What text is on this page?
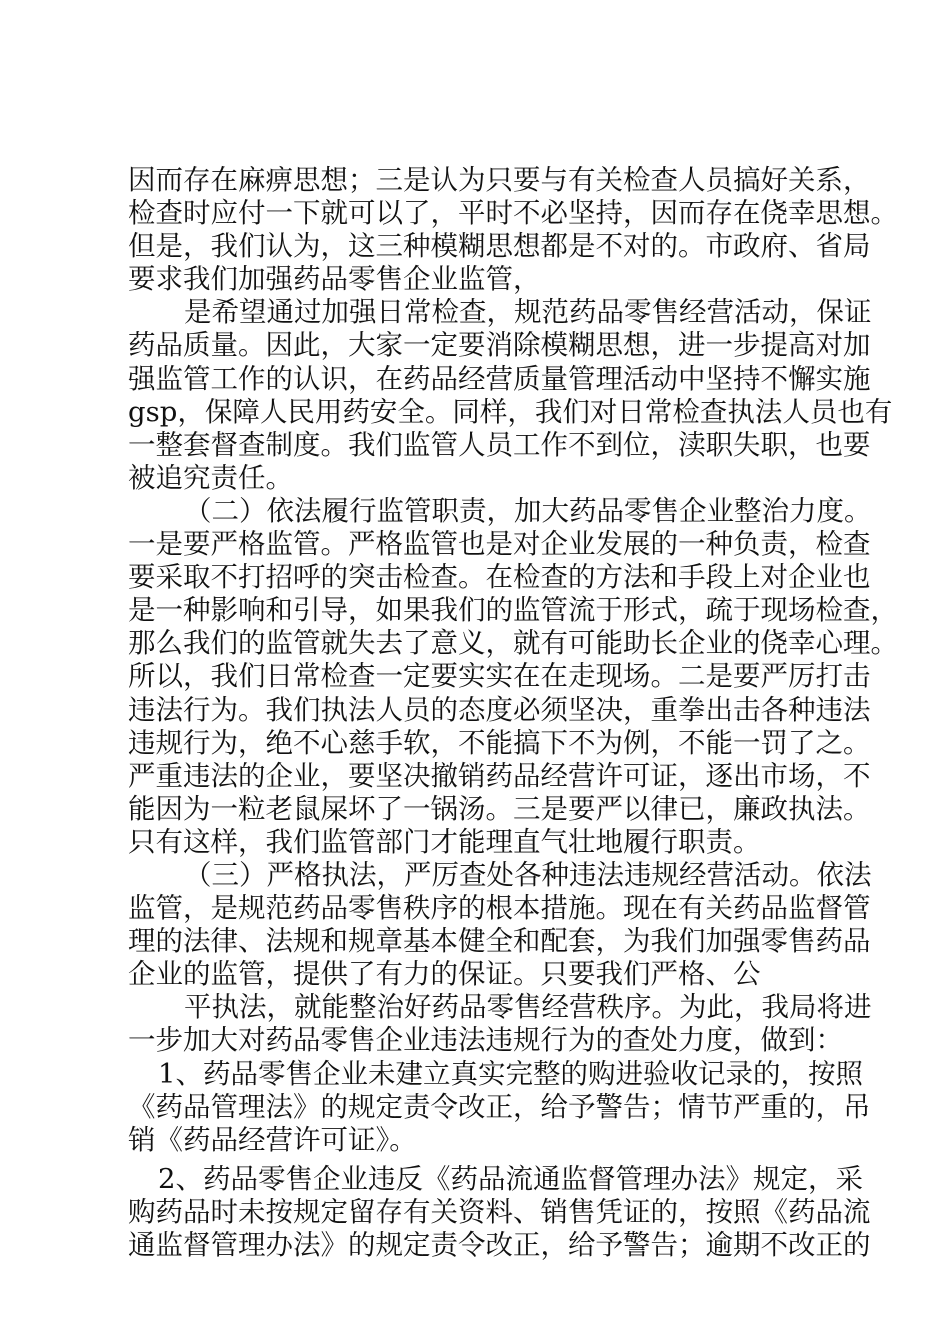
因而存在麻痹思想；三是认为只要与有关检查人员搞好关系，
检查时应付一下就可以了，平时不必坚持，因而存在侥幸思想。
但是，我们认为，这三种模糊思想都是不对的。市政府、省局
要求我们加强药品零售企业监管，
是希望通过加强日常检查，规范药品零售经营活动，保证
药品质量。因此，大家一定要消除模糊思想，进一步提高对加
强监管工作的认识，在药品经营质量管理活动中坚持不懈实施
gsp，保障人民用药安全。同样，我们对日常检查执法人员也有
一整套督查制度。我们监管人员工作不到位，渎职失职，也要
被追究责任。
（二）依法履行监管职责，加大药品零售企业整治力度。
一是要严格监管。严格监管也是对企业发展的一种负责，检查
要采取不打招呼的突击检查。在检查的方法和手段上对企业也
是一种影响和引导，如果我们的监管流于形式，疏于现场检查，
那么我们的监管就失去了意义，就有可能助长企业的侥幸心理。
所以，我们日常检查一定要实实在在走现场。二是要严厉打击
违法行为。我们执法人员的态度必须坚决，重拳出击各种违法
违规行为，绝不心慈手软，不能搞下不为例，不能一罚了之。
严重违法的企业，要坚决撤销药品经营许可证，逐出市场，不
能因为一粒老鼠屎坏了一锅汤。三是要严以律已，廉政执法。
只有这样，我们监管部门才能理直气壮地履行职责。
（三）严格执法，严厉查处各种违法违规经营活动。依法
监管，是规范药品零售秩序的根本措施。现在有关药品监督管
理的法律、法规和规章基本健全和配套，为我们加强零售药品
企业的监管，提供了有力的保证。只要我们严格、公
平执法，就能整治好药品零售经营秩序。为此，我局将进
一步加大对药品零售企业违法违规行为的查处力度，做到：
1、药品零售企业未建立真实完整的购进验收记录的，按照
《药品管理法》的规定责令改正，给予警告；情节严重的，吊
销《药品经营许可证》。
2、药品零售企业违反《药品流通监督管理办法》规定，采
购药品时未按规定留存有关资料、销售凭证的，按照《药品流
通监督管理办法》的规定责令改正，给予警告；逾期不改正的
